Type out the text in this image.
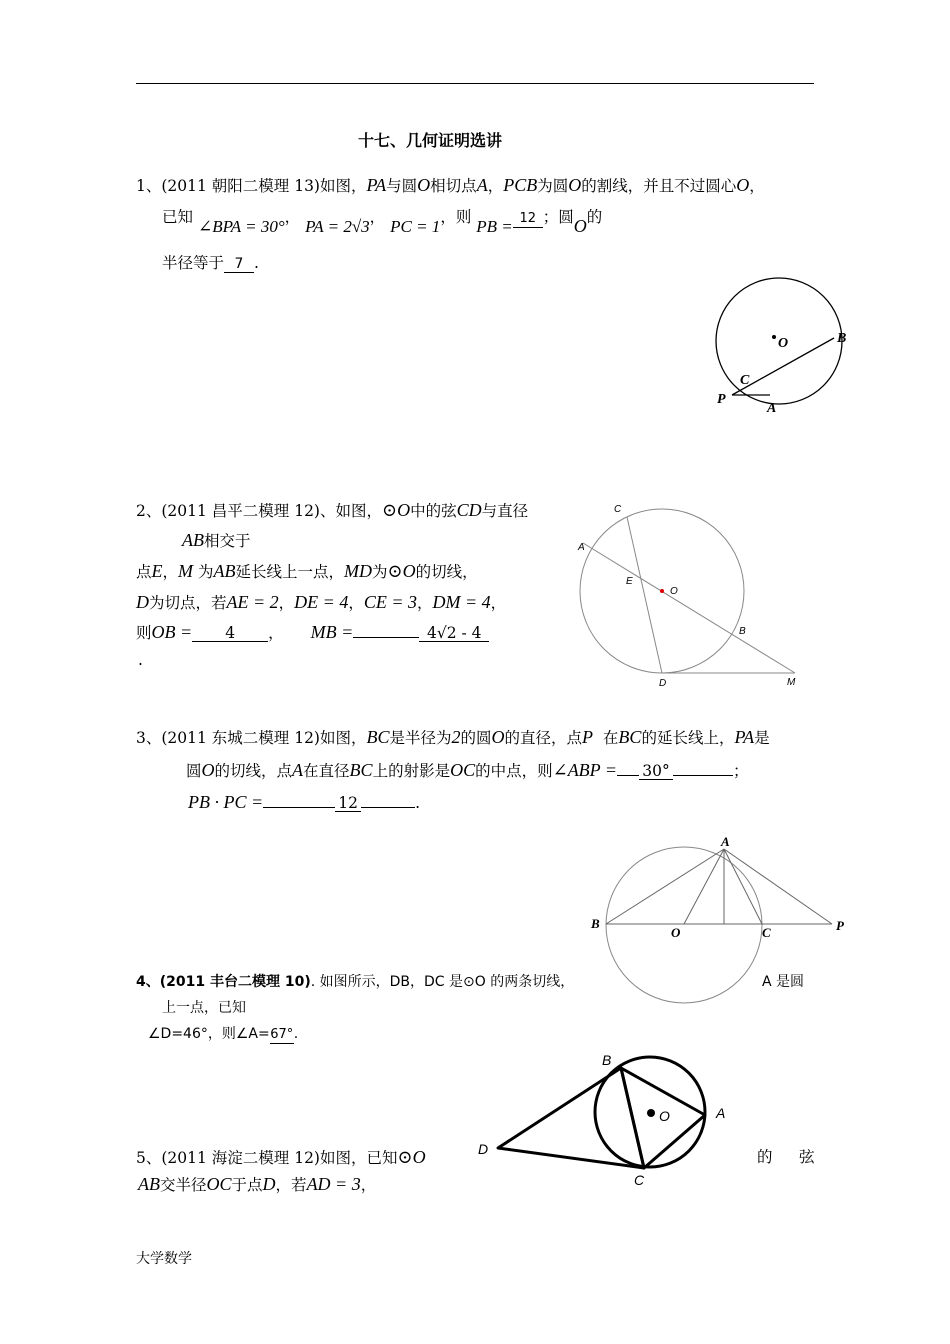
十七、几何证明选讲
1、(2011 朝阳二模理 13)如图，PA与圆O相切点A，PCB为圆O的割线，并且不过圆心O，
已知 ∠BPA = 30°， PA = 2√3， PC = 1，则 PB = 12 ；圆O的
半径等于 7 .
O	B
C
P
A
2、(2011 昌平二模理 12)、如图，⊙O中的弦CD与直径
AB相交于
点E，M 为AB延长线上一点，MD为⊙O的切线，
D为切点，若AE = 2，DE = 4，CE = 3，DM = 4，
则OB = 4 ， MB =	4√2 - 4
.
C
A
E
O
B
D	M
3、(2011 东城二模理 12)如图，BC是半径为2的圆O的直径，点P 在BC的延长线上，PA是
圆O的切线，点A在直径BC上的射影是OC的中点，则∠ABP = 30°	；
PB · PC =	12	.
A
B
O	C	P
4、(2011 丰台二模理 10). 如图所示，DB，DC 是⊙O 的两条切线，	A 是圆
上一点，已知
∠D=46°，则∠A=67°.
O
B
A
D
C
5、(2011 海淀二模理 12)如图，已知⊙O	的 弦
AB交半径OC于点D，若AD = 3，
大学数学
